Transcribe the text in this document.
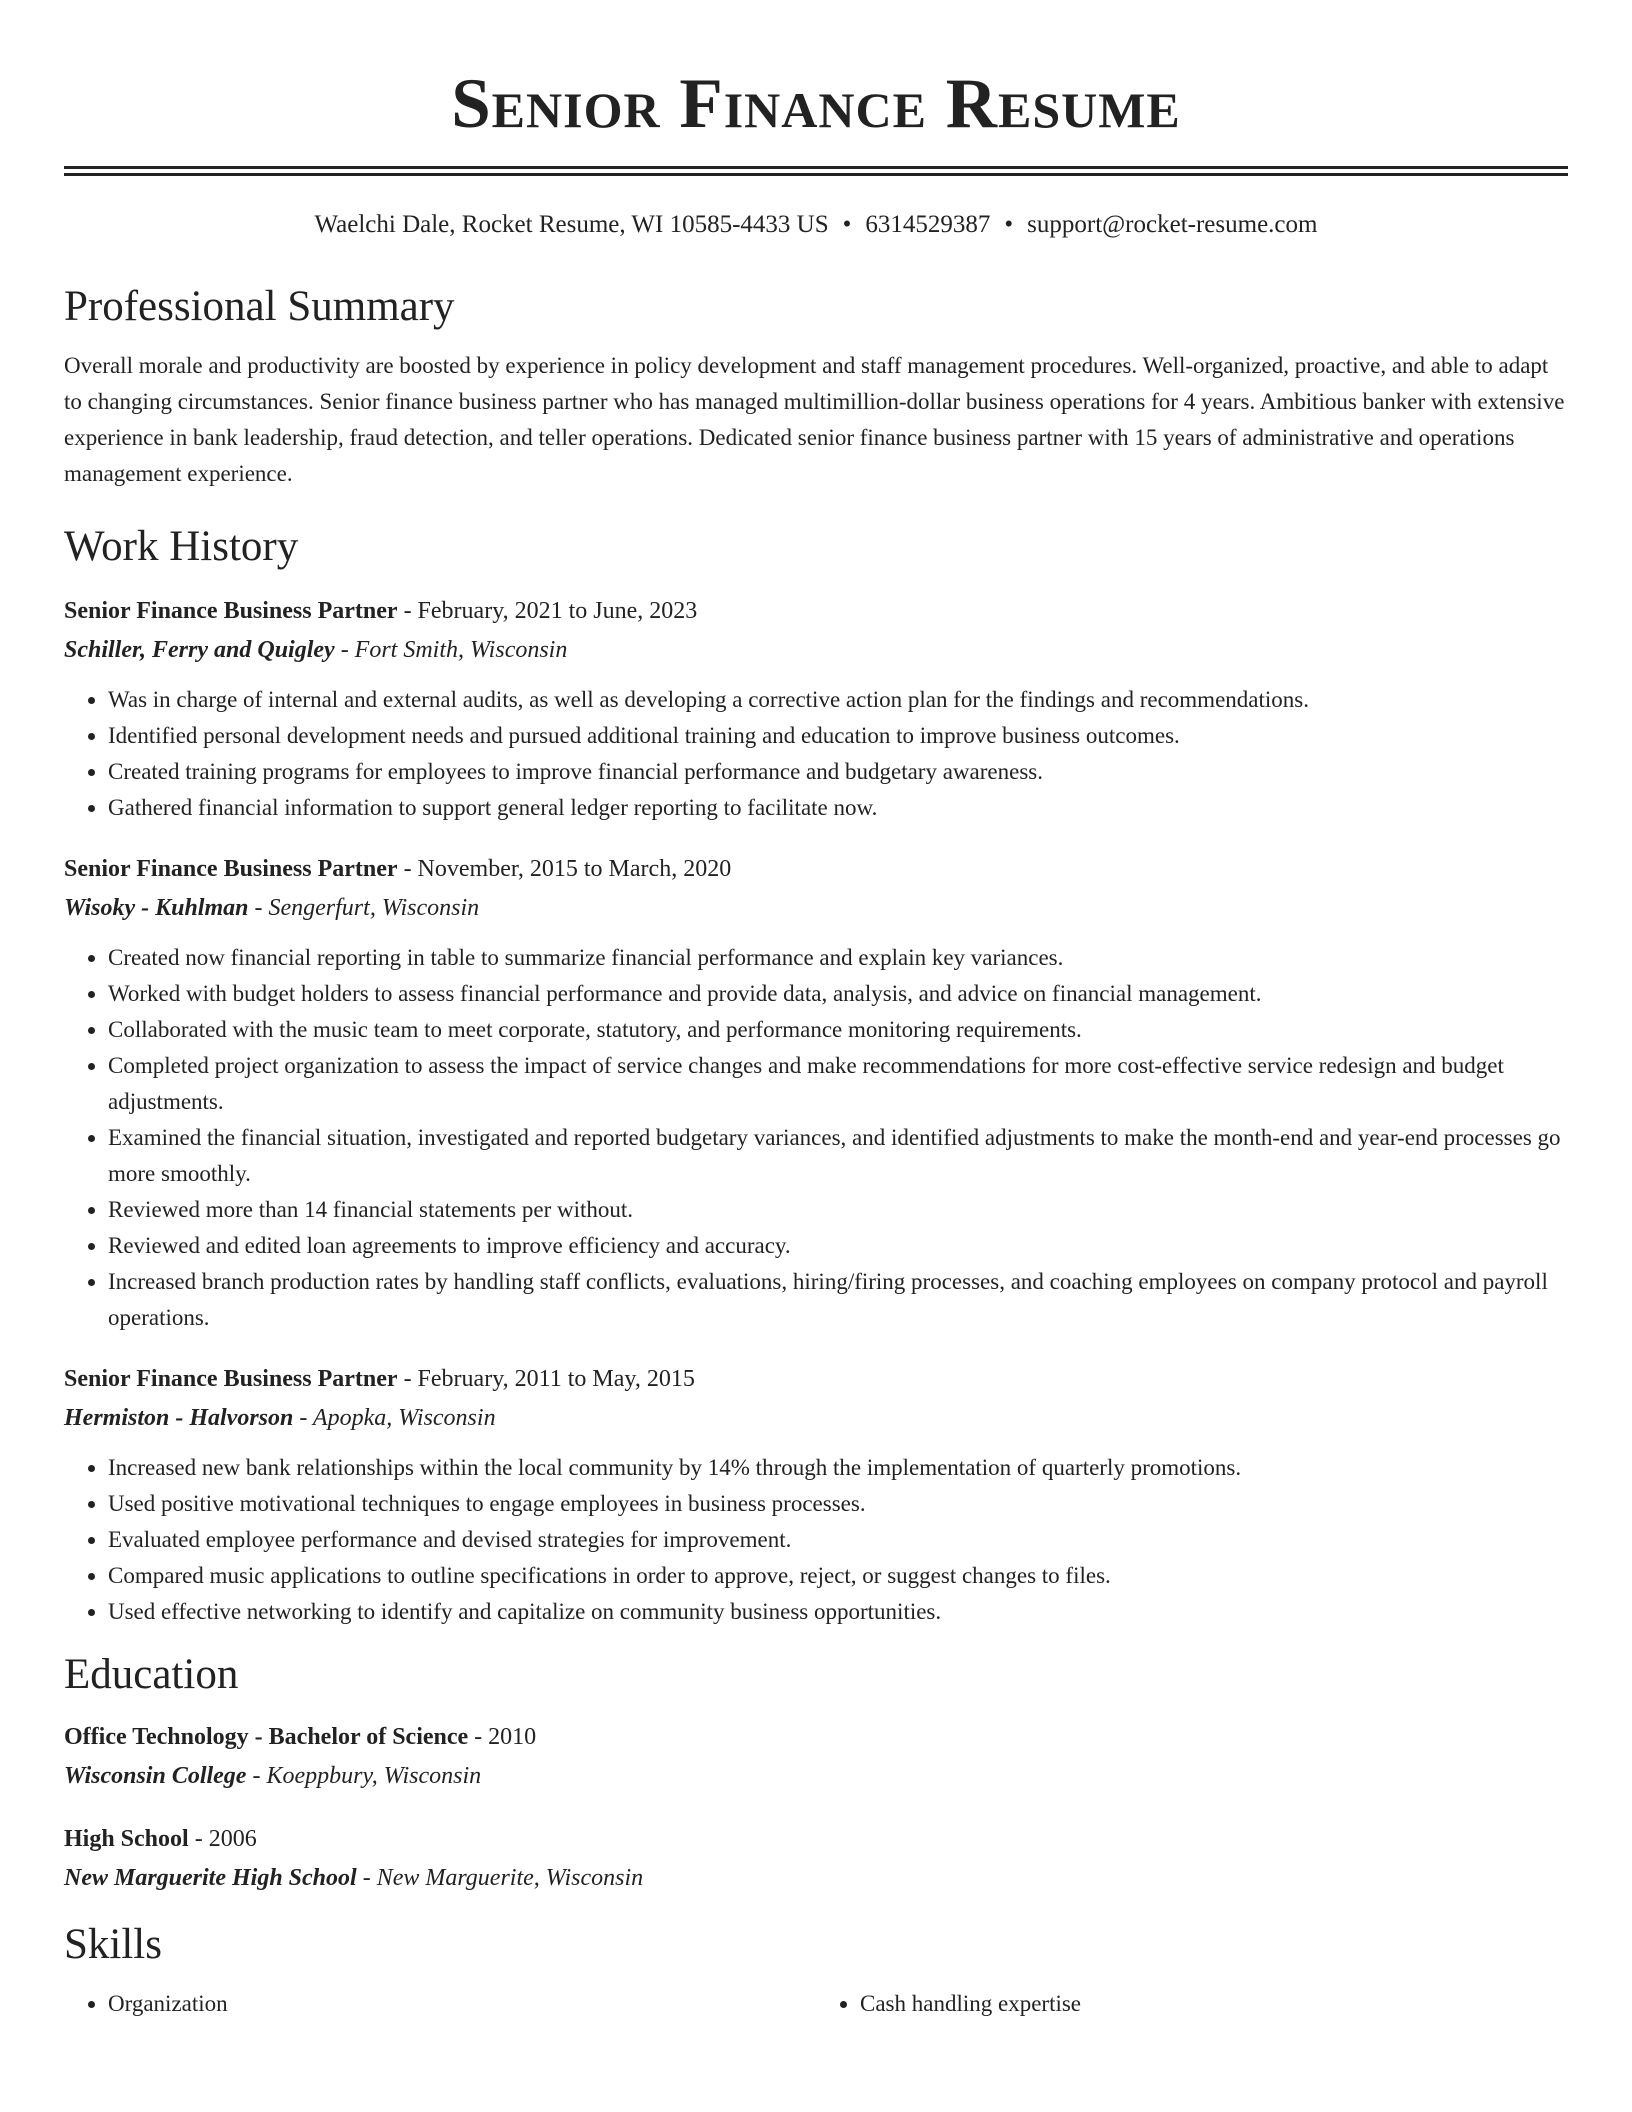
Senior Finance Resume
Waelchi Dale, Rocket Resume, WI 10585-4433 US • 6314529387 • support@rocket-resume.com
Professional Summary

Overall morale and productivity are boosted by experience in policy development and staff management procedures. Well-organized, proactive, and able to adapt to changing circumstances. Senior finance business partner who has managed multimillion-dollar business operations for 4 years. Ambitious banker with extensive experience in bank leadership, fraud detection, and teller operations. Dedicated senior finance business partner with 15 years of administrative and operations management experience.

Work History
Senior Finance Business Partner - February, 2021 to June, 2023
Schiller, Ferry and Quigley - Fort Smith, Wisconsin
• Was in charge of internal and external audits, as well as developing a corrective action plan for the findings and recommendations.
• Identified personal development needs and pursued additional training and education to improve business outcomes.
• Created training programs for employees to improve financial performance and budgetary awareness.
• Gathered financial information to support general ledger reporting to facilitate now.
Senior Finance Business Partner - November, 2015 to March, 2020
Wisoky - Kuhlman - Sengerfurt, Wisconsin
• Created now financial reporting in table to summarize financial performance and explain key variances.
• Worked with budget holders to assess financial performance and provide data, analysis, and advice on financial management.
• Collaborated with the music team to meet corporate, statutory, and performance monitoring requirements.
• Completed project organization to assess the impact of service changes and make recommendations for more cost-effective service redesign and budget adjustments.
• Examined the financial situation, investigated and reported budgetary variances, and identified adjustments to make the month-end and year-end processes go more smoothly.
• Reviewed more than 14 financial statements per without.
• Reviewed and edited loan agreements to improve efficiency and accuracy.
• Increased branch production rates by handling staff conflicts, evaluations, hiring/firing processes, and coaching employees on company protocol and payroll operations.
Senior Finance Business Partner - February, 2011 to May, 2015
Hermiston - Halvorson - Apopka, Wisconsin
• Increased new bank relationships within the local community by 14% through the implementation of quarterly promotions.
• Used positive motivational techniques to engage employees in business processes.
• Evaluated employee performance and devised strategies for improvement.
• Compared music applications to outline specifications in order to approve, reject, or suggest changes to files.
• Used effective networking to identify and capitalize on community business opportunities.
Education
Office Technology - Bachelor of Science - 2010
Wisconsin College - Koeppbury, Wisconsin
High School - 2006
New Marguerite High School - New Marguerite, Wisconsin
Skills
• Organization
•	Cash handling expertise
